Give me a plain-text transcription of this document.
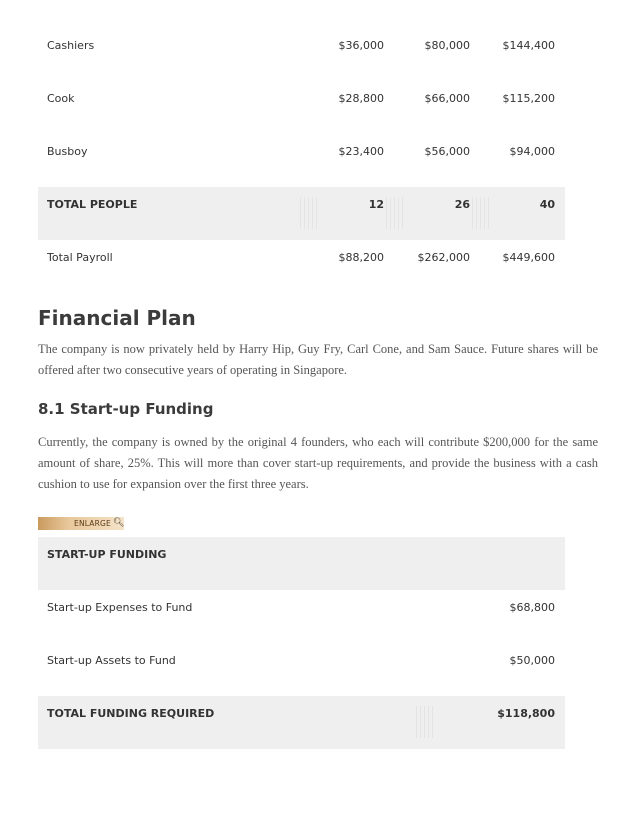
Cashiers	$36,000	$80,000	$144,400
Cook	$28,800	$66,000	$115,200
Busboy	$23,400	$56,000	$94,000
TOTAL PEOPLE	12	26	40
Total Payroll	$88,200	$262,000	$449,600
Financial Plan

The company is now privately held by Harry Hip, Guy Fry, Carl Cone, and Sam Sauce. Future shares will be offered after two consecutive years of operating in Singapore.

8.1 Start-up Funding

Currently, the company is owned by the original 4 founders, who each will contribute $200,000 for the same amount of share, 25%. This will more than cover start-up requirements, and provide the business with a cash cushion to use for expansion over the first three years.

ENLARGE 🔍︎
START-UP FUNDING
Start-up Expenses to Fund	$68,800
Start-up Assets to Fund	$50,000
TOTAL FUNDING REQUIRED	$118,800
